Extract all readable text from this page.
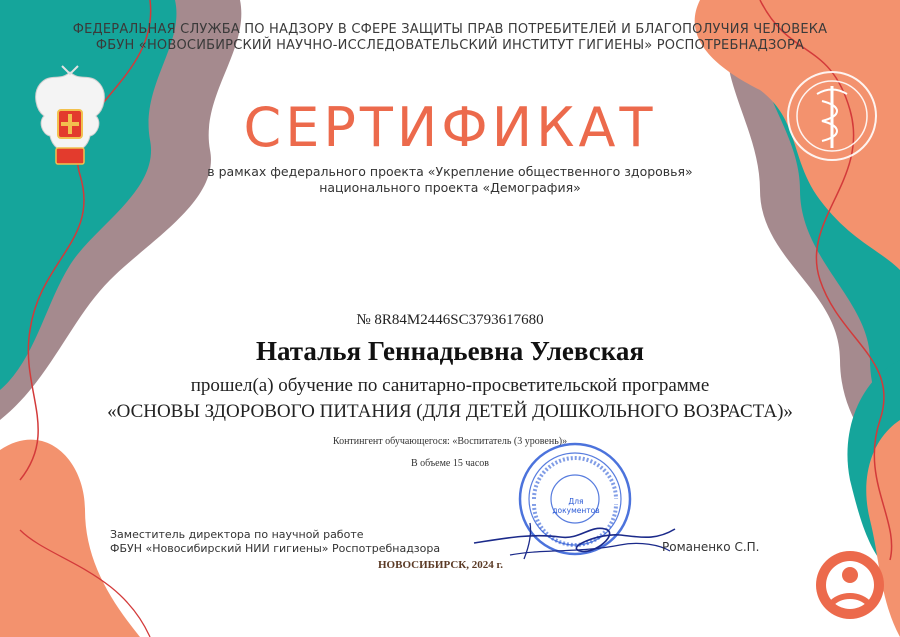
ФЕДЕРАЛЬНАЯ СЛУЖБА ПО НАДЗОРУ В СФЕРЕ ЗАЩИТЫ ПРАВ ПОТРЕБИТЕЛЕЙ И БЛАГОПОЛУЧИЯ ЧЕЛОВЕКА
ФБУН «НОВОСИБИРСКИЙ НАУЧНО-ИССЛЕДОВАТЕЛЬСКИЙ ИНСТИТУТ ГИГИЕНЫ» РОСПОТРЕБНАДЗОРА
СЕРТИФИКАТ
в рамках федерального проекта «Укрепление общественного здоровья»
национального проекта «Демография»
№ 8R84M2446SC3793617680
Наталья Геннадьевна Улевская
прошел(а) обучение по санитарно-просветительской программе
«ОСНОВЫ ЗДОРОВОГО ПИТАНИЯ (ДЛЯ ДЕТЕЙ ДОШКОЛЬНОГО ВОЗРАСТА)»
Контингент обучающегося: «Воспитатель (3 уровень)»
В объеме 15 часов
Для документов
Заместитель директора по научной работе
ФБУН «Новосибирский НИИ гигиены» Роспотребнадзора	Романенко С.П.
НОВОСИБИРСК, 2024 г.
